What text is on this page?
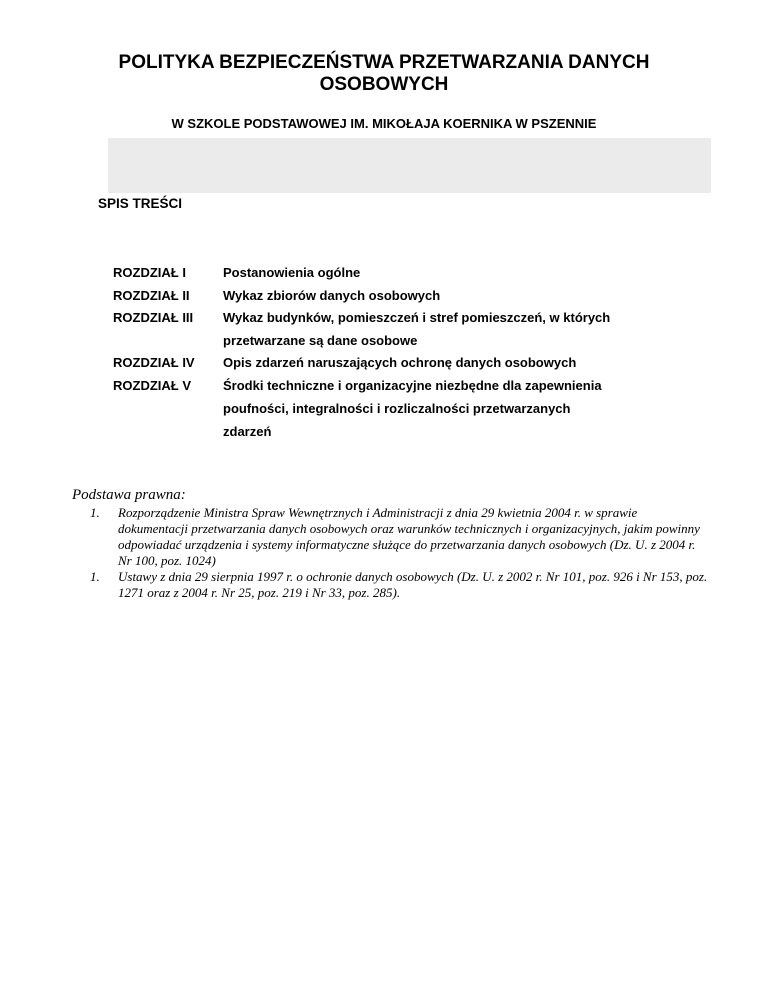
POLITYKA BEZPIECZEŃSTWA PRZETWARZANIA DANYCH OSOBOWYCH
W SZKOLE PODSTAWOWEJ IM. MIKOŁAJA KOERNIKA W PSZENNIE
SPIS TREŚCI
ROZDZIAŁ I	Postanowienia ogólne
ROZDZIAŁ II	Wykaz zbiorów danych osobowych
ROZDZIAŁ III Wykaz budynków, pomieszczeń i stref pomieszczeń, w których
przetwarzane są dane osobowe
ROZDZIAŁ IV Opis zdarzeń naruszających ochronę danych osobowych
ROZDZIAŁ V Środki techniczne i organizacyjne niezbędne dla zapewnienia
poufności, integralności i rozliczalności przetwarzanych
zdarzeń
Podstawa prawna:
1. Rozporządzenie Ministra Spraw Wewnętrznych i Administracji z dnia 29 kwietnia 2004 r. w sprawie dokumentacji przetwarzania danych osobowych oraz warunków technicznych i organizacyjnych, jakim powinny odpowiadać urządzenia i systemy informatyczne służące do przetwarzania danych osobowych (Dz. U. z 2004 r. Nr 100, poz. 1024)
1. Ustawy z dnia 29 sierpnia 1997 r. o ochronie danych osobowych (Dz. U. z 2002 r. Nr 101, poz. 926 i Nr 153, poz. 1271 oraz z 2004 r. Nr 25, poz. 219 i Nr 33, poz. 285).
